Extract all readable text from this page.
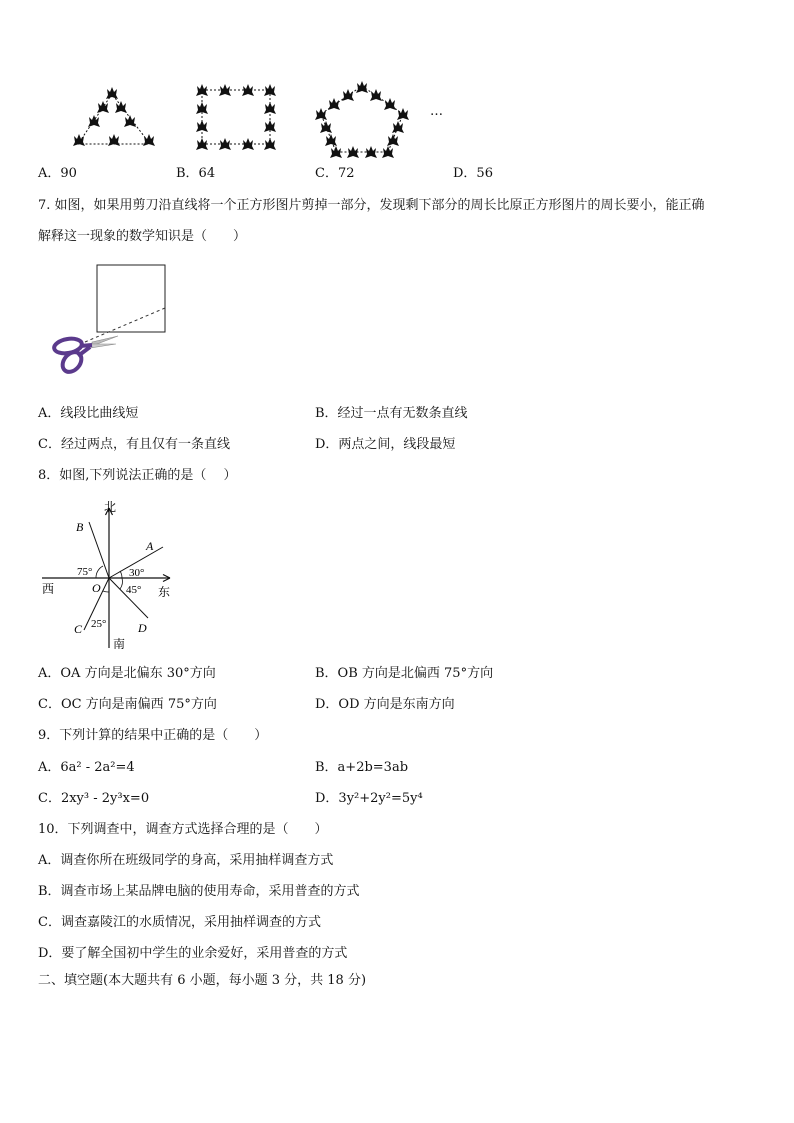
…
A．90	B．64	C．72	D．56
7. 如图，如果用剪刀沿直线将一个正方形图片剪掉一部分，发现剩下部分的周长比原正方形图片的周长要小，能正确
解释这一现象的数学知识是（　　）
A．线段比曲线短	B．经过一点有无数条直线
C．经过两点，有且仅有一条直线	D．两点之间，线段最短
8．如图,下列说法正确的是（　 ）
北
B
A
75°	30°
西	O 45° 东
25°	D
C
南
A．OA 方向是北偏东 30°方向	B．OB 方向是北偏西 75°方向
C．OC 方向是南偏西 75°方向	D．OD 方向是东南方向
9．下列计算的结果中正确的是（　　）
A．6a² - 2a²=4	B．a+2b=3ab
C．2xy³ - 2y³x=0	D．3y²+2y²=5y⁴
10．下列调查中，调查方式选择合理的是（　　）
A．调查你所在班级同学的身高，采用抽样调查方式
B．调查市场上某品牌电脑的使用寿命，采用普查的方式
C．调查嘉陵江的水质情况，采用抽样调查的方式
D．要了解全国初中学生的业余爱好，采用普查的方式
二、填空题(本大题共有 6 小题，每小题 3 分，共 18 分)
